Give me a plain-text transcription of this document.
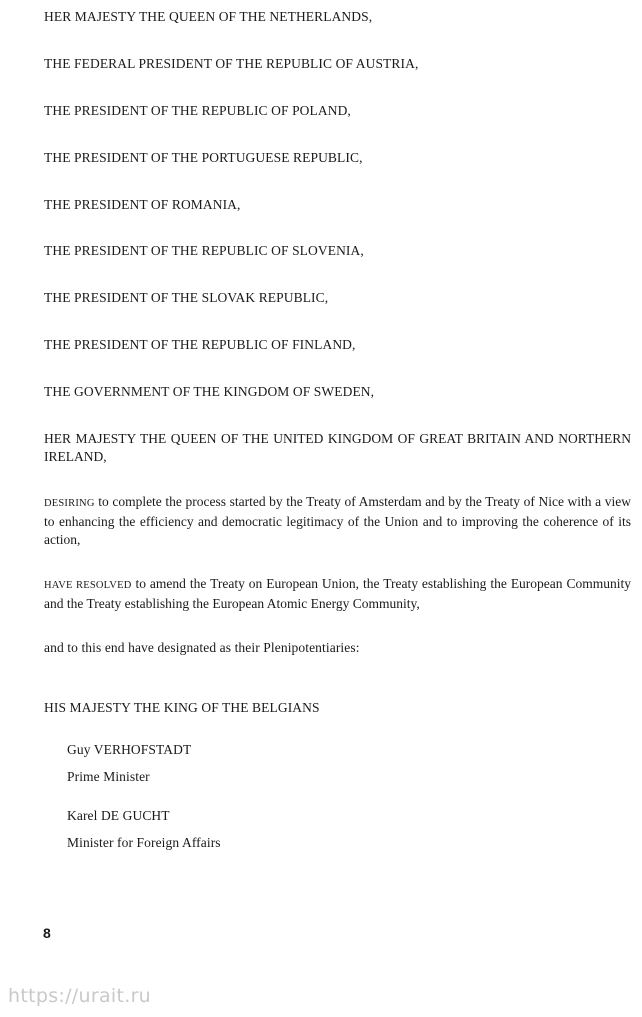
HER MAJESTY THE QUEEN OF THE NETHERLANDS,

THE FEDERAL PRESIDENT OF THE REPUBLIC OF AUSTRIA,

THE PRESIDENT OF THE REPUBLIC OF POLAND,

THE PRESIDENT OF THE PORTUGUESE REPUBLIC,

THE PRESIDENT OF ROMANIA,

THE PRESIDENT OF THE REPUBLIC OF SLOVENIA,

THE PRESIDENT OF THE SLOVAK REPUBLIC,

THE PRESIDENT OF THE REPUBLIC OF FINLAND,

THE GOVERNMENT OF THE KINGDOM OF SWEDEN,

HER MAJESTY THE QUEEN OF THE UNITED KINGDOM OF GREAT BRITAIN AND NORTHERN IRELAND,

DESIRING to complete the process started by the Treaty of Amsterdam and by the Treaty of Nice with a view to enhancing the efficiency and democratic legitimacy of the Union and to improving the coherence of its action,

HAVE RESOLVED to amend the Treaty on European Union, the Treaty establishing the European Community and the Treaty establishing the European Atomic Energy Community,

and to this end have designated as their Plenipotentiaries:

HIS MAJESTY THE KING OF THE BELGIANS

Guy VERHOFSTADT

Prime Minister

Karel DE GUCHT

Minister for Foreign Affairs

8
https://urait.ru
